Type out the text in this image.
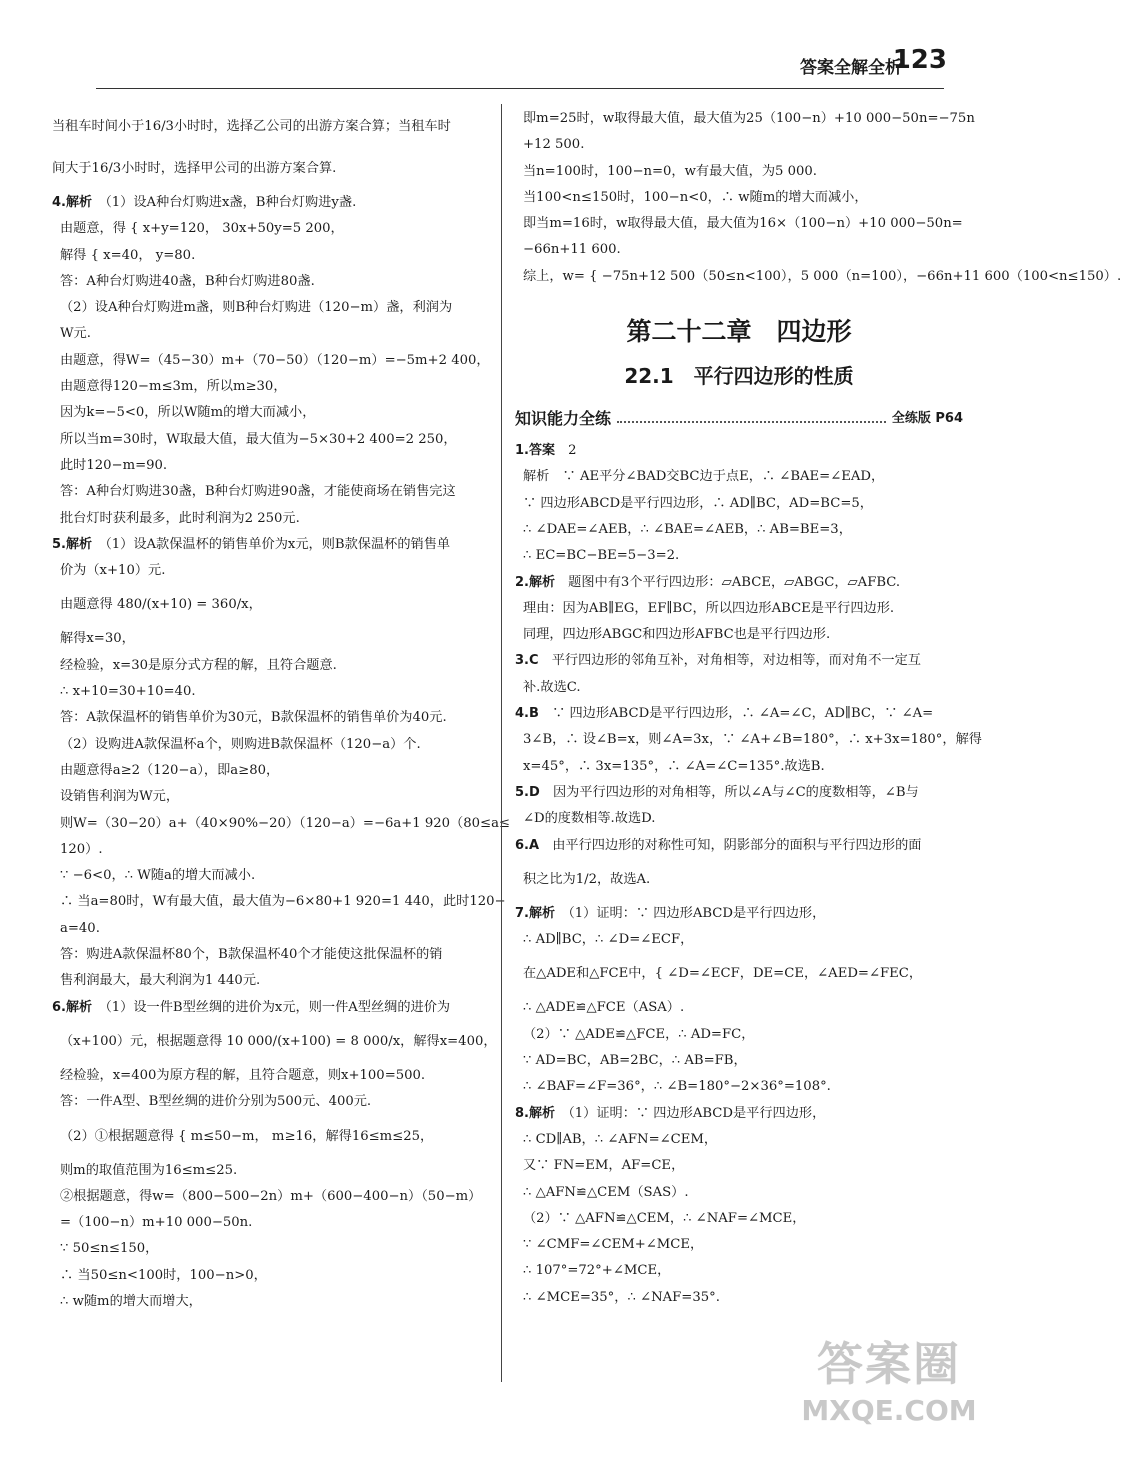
答案全解全析
123
当租车时间小于16/3小时时，选择乙公司的出游方案合算；当租车时
间大于16/3小时时，选择甲公司的出游方案合算.
4.解析　 （1）设A种台灯购进x盏，B种台灯购进y盏.
由题意，得 { x+y=120， 30x+50y=5 200，
解得 { x=40， y=80.
答：A种台灯购进40盏，B种台灯购进80盏.
（2）设A种台灯购进m盏，则B种台灯购进（120−m）盏，利润为
W元.
由题意，得W=（45−30）m+（70−50）（120−m）=−5m+2 400，
由题意得120−m≤3m，所以m≥30，
因为k=−5<0，所以W随m的增大而减小，
所以当m=30时，W取最大值，最大值为−5×30+2 400=2 250，
此时120−m=90.
答：A种台灯购进30盏，B种台灯购进90盏，才能使商场在销售完这
批台灯时获利最多，此时利润为2 250元.
5.解析　 （1）设A款保温杯的销售单价为x元，则B款保温杯的销售单
价为（x+10）元.
由题意得 480/(x+10) = 360/x，
解得x=30，
经检验，x=30是原分式方程的解，且符合题意.
∴ x+10=30+10=40.
答：A款保温杯的销售单价为30元，B款保温杯的销售单价为40元.
（2）设购进A款保温杯a个，则购进B款保温杯（120−a）个.
由题意得a≥2（120−a），即a≥80，
设销售利润为W元，
则W=（30−20）a+（40×90%−20）（120−a）=−6a+1 920（80≤a≤
120）.
∵ −6<0，∴ W随a的增大而减小.
∴ 当a=80时，W有最大值，最大值为−6×80+1 920=1 440，此时120−
a=40.
答：购进A款保温杯80个，B款保温杯40个才能使这批保温杯的销
售利润最大，最大利润为1 440元.
6.解析　 （1）设一件B型丝绸的进价为x元，则一件A型丝绸的进价为
（x+100）元，根据题意得 10 000/(x+100) = 8 000/x，解得x=400，
经检验，x=400为原方程的解，且符合题意，则x+100=500.
答：一件A型、B型丝绸的进价分别为500元、400元.
（2）①根据题意得 { m≤50−m， m≥16，解得16≤m≤25，
则m的取值范围为16≤m≤25.
②根据题意，得w=（800−500−2n）m+（600−400−n）（50−m）
=（100−n）m+10 000−50n.
∵ 50≤n≤150，
∴ 当50≤n<100时，100−n>0，
∴ w随m的增大而增大，
即m=25时，w取得最大值，最大值为25（100−n）+10 000−50n=−75n
+12 500.
当n=100时，100−n=0，w有最大值，为5 000.
当100<n≤150时，100−n<0，∴ w随m的增大而减小，
即当m=16时，w取得最大值，最大值为16×（100−n）+10 000−50n=
−66n+11 600.
综上，w= { −75n+12 500（50≤n<100），5 000（n=100），−66n+11 600（100<n≤150）.
第二十二章　四边形
22.1　平行四边形的性质
知识能力全练	全练版 P64
1.答案　 2
解析　∵ AE平分∠BAD交BC边于点E，∴ ∠BAE=∠EAD，
∵ 四边形ABCD是平行四边形，∴ AD∥BC，AD=BC=5，
∴ ∠DAE=∠AEB，∴ ∠BAE=∠AEB，∴ AB=BE=3，
∴ EC=BC−BE=5−3=2.
2.解析　 题图中有3个平行四边形：▱ABCE，▱ABGC，▱AFBC.
理由：因为AB∥EG，EF∥BC，所以四边形ABCE是平行四边形.
同理，四边形ABGC和四边形AFBC也是平行四边形.
3.C　 平行四边形的邻角互补，对角相等，对边相等，而对角不一定互
补.故选C.
4.B　 ∵ 四边形ABCD是平行四边形，∴ ∠A=∠C，AD∥BC，∵ ∠A=
3∠B，∴ 设∠B=x，则∠A=3x，∵ ∠A+∠B=180°，∴ x+3x=180°，解得
x=45°，∴ 3x=135°，∴ ∠A=∠C=135°.故选B.
5.D　 因为平行四边形的对角相等，所以∠A与∠C的度数相等，∠B与
∠D的度数相等.故选D.
6.A　 由平行四边形的对称性可知，阴影部分的面积与平行四边形的面
积之比为1/2，故选A.
7.解析　 （1）证明：∵ 四边形ABCD是平行四边形，
∴ AD∥BC，∴ ∠D=∠ECF，
在△ADE和△FCE中，{ ∠D=∠ECF，DE=CE，∠AED=∠FEC，
∴ △ADE≌△FCE（ASA）.
（2）∵ △ADE≌△FCE，∴ AD=FC，
∵ AD=BC，AB=2BC，∴ AB=FB，
∴ ∠BAF=∠F=36°，∴ ∠B=180°−2×36°=108°.
8.解析　 （1）证明：∵ 四边形ABCD是平行四边形，
∴ CD∥AB，∴ ∠AFN=∠CEM，
又∵ FN=EM，AF=CE，
∴ △AFN≌△CEM（SAS）.
（2）∵ △AFN≌△CEM，∴ ∠NAF=∠MCE，
∵ ∠CMF=∠CEM+∠MCE，
∴ 107°=72°+∠MCE，
∴ ∠MCE=35°，∴ ∠NAF=35°.
答案圈
MXQE.COM
